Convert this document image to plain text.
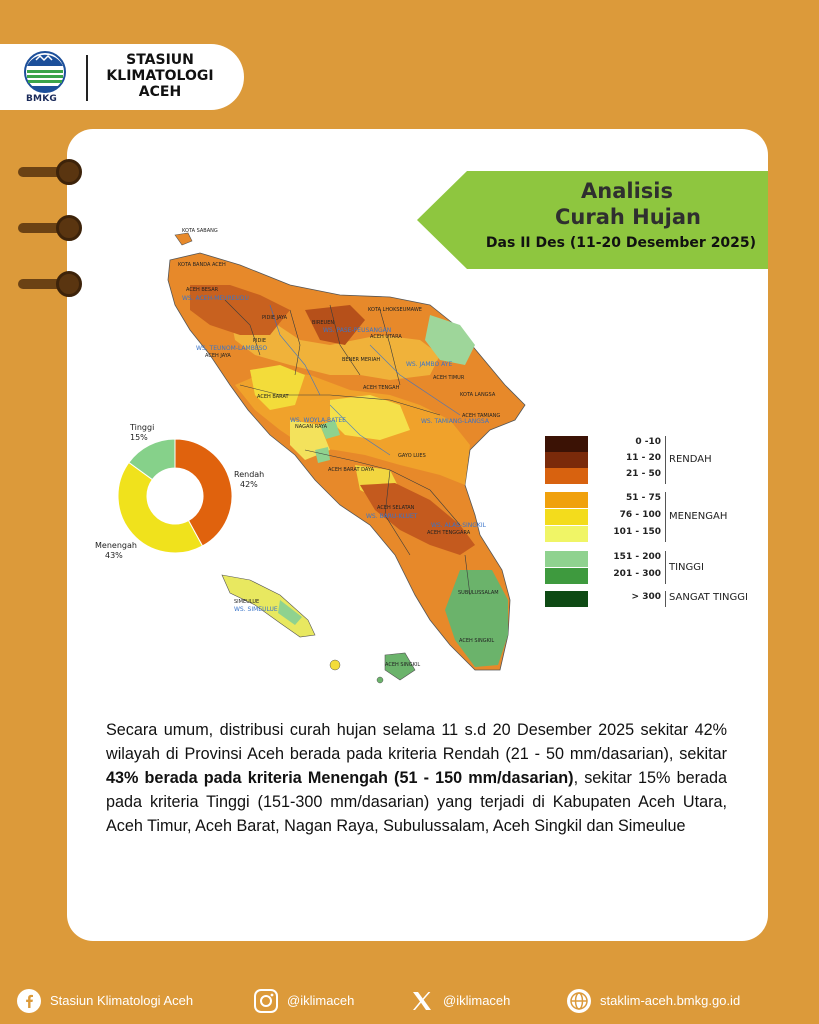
BMKG
STASIUN
KLIMATOLOGI
ACEH
Analisis
Curah Hujan
Das II Des (11-20 Desember 2025)
KOTA SABANG
KOTA BANDA ACEH
ACEH BESAR
PIDIE JAYA
PIDIE
BIREUEN
KOTA LHOKSEUMAWE
ACEH UTARA
BENER MERIAH
ACEH JAYA
ACEH TENGAH
ACEH TIMUR
KOTA LANGSA
ACEH TAMIANG
ACEH BARAT
NAGAN RAYA
ACEH BARAT DAYA
GAYO LUES
ACEH SELATAN
ACEH TENGGARA
SUBULUSSALAM
ACEH SINGKIL
SIMEULUE
ACEH SINGKIL
WS. ACEH-MEUREUDU
WS. PASE-PEUSANGAN
WS. TEUNOM-LAMBESO
WS. JAMBO AYE
WS. WOYLA-BATEE	WS. TAMIANG-LANGSA
WS. BARU-KLUET
WS. ALAS-SINGKIL
WS. SIMEULUE
Tinggi
15%
Rendah
42%
Menengah
43%
0 -10
11 - 20
21 - 50
51 - 75
76 - 100
101 - 150
151 - 200
201 - 300
> 300
RENDAH
MENENGAH
TINGGI
SANGAT TINGGI
Secara umum, distribusi curah hujan selama 11 s.d 20 Desember 2025 sekitar 42% wilayah di Provinsi Aceh berada pada kriteria Rendah (21 - 50 mm/dasarian), sekitar 43% berada pada kriteria Menengah (51 - 150 mm/dasarian), sekitar 15% berada pada kriteria Tinggi (151-300 mm/dasarian) yang terjadi di Kabupaten Aceh Utara, Aceh Timur, Aceh Barat, Nagan Raya, Subulussalam, Aceh Singkil dan Simeulue
Stasiun Klimatologi Aceh	@iklimaceh	@iklimaceh	staklim-aceh.bmkg.go.id
